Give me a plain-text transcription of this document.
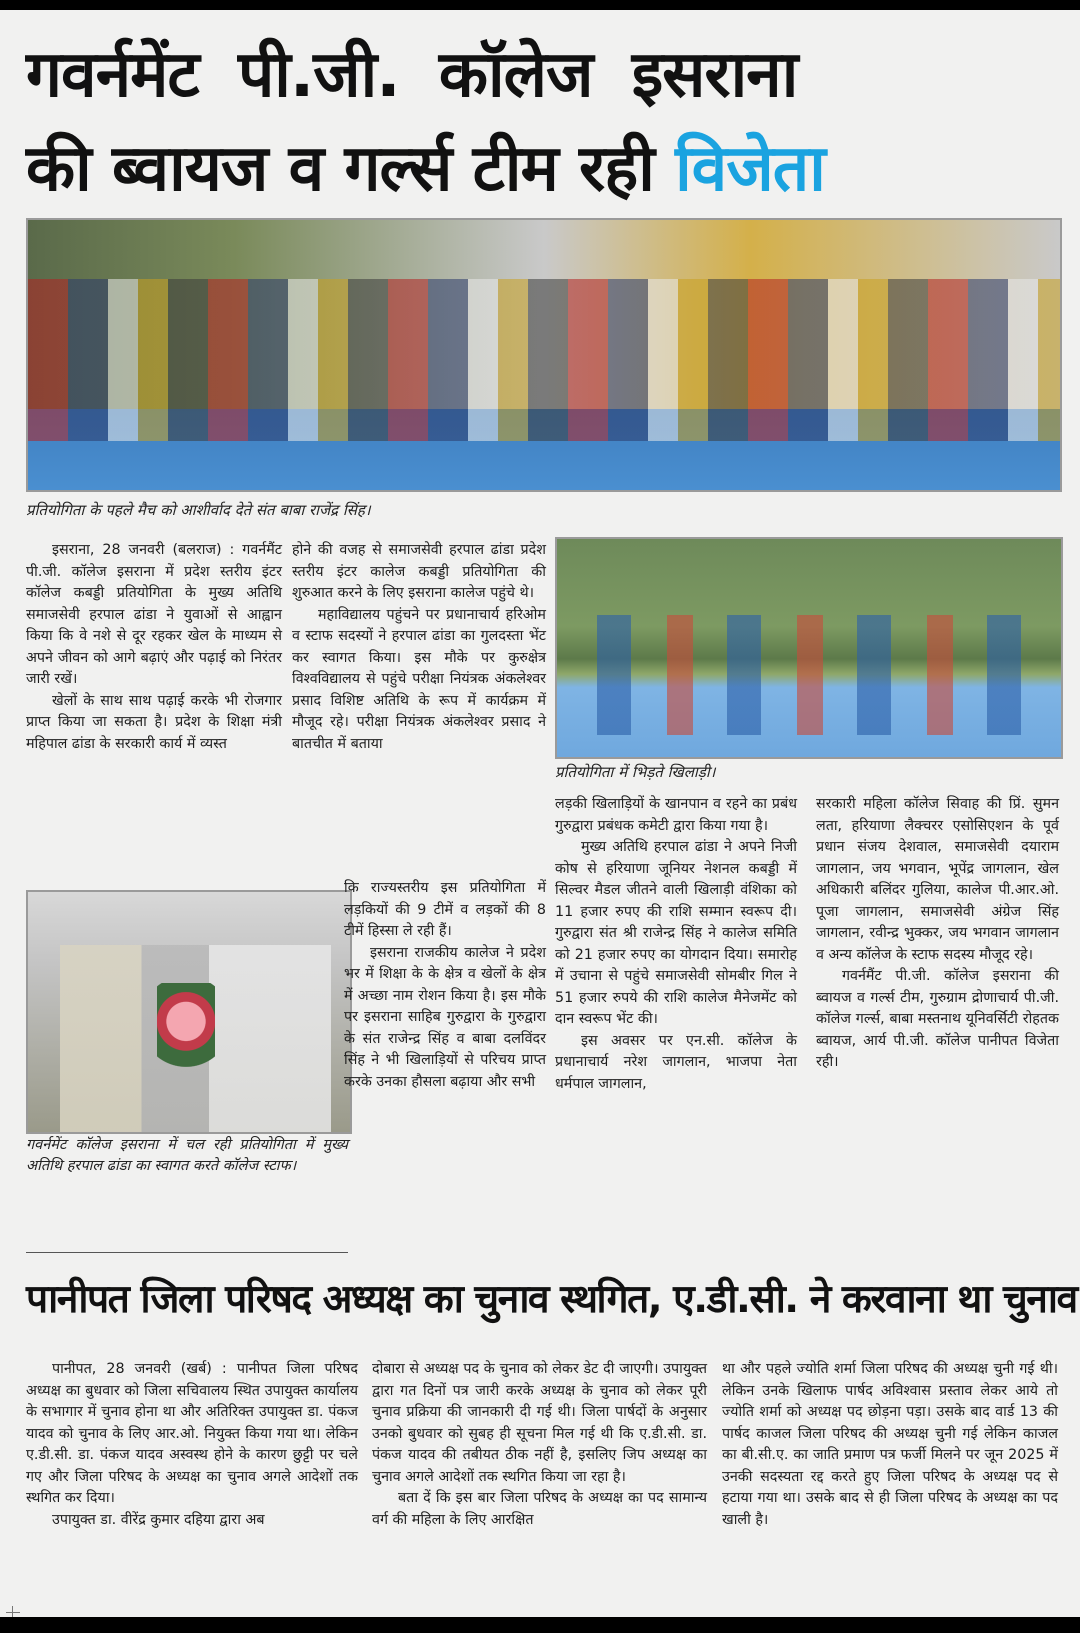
गवर्नमेंट पी.जी. कॉलेज इसराना
की ब्वायज व गर्ल्स टीम रही विजेता
प्रतियोगिता के पहले मैच को आशीर्वाद देते संत बाबा राजेंद्र सिंह।

इसराना, 28 जनवरी (बलराज) : गवर्नमैंट पी.जी. कॉलेज इसराना में प्रदेश स्तरीय इंटर कॉलेज कबड्डी प्रतियोगिता के मुख्य अतिथि समाजसेवी हरपाल ढांडा ने युवाओं से आह्वान किया कि वे नशे से दूर रहकर खेल के माध्यम से अपने जीवन को आगे बढ़ाएं और पढ़ाई को निरंतर जारी रखें।

खेलों के साथ साथ पढ़ाई करके भी रोजगार प्राप्त किया जा सकता है। प्रदेश के शिक्षा मंत्री महिपाल ढांडा के सरकारी कार्य में व्यस्त

होने की वजह से समाजसेवी हरपाल ढांडा प्रदेश स्तरीय इंटर कालेज कबड्डी प्रतियोगिता की शुरुआत करने के लिए इसराना कालेज पहुंचे थे।

महाविद्यालय पहुंचने पर प्रधानाचार्य हरिओम व स्टाफ सदस्यों ने हरपाल ढांडा का गुलदस्ता भेंट कर स्वागत किया। इस मौके पर कुरुक्षेत्र विश्वविद्यालय से पहुंचे परीक्षा नियंत्रक अंकलेश्वर प्रसाद विशिष्ट अतिथि के रूप में कार्यक्रम में मौजूद रहे। परीक्षा नियंत्रक अंकलेश्वर प्रसाद ने बातचीत में बताया

गवर्नमेंट कॉलेज इसराना में चल रही प्रतियोगिता में मुख्य अतिथि हरपाल ढांडा का स्वागत करते कॉलेज स्टाफ।

कि राज्यस्तरीय इस प्रतियोगिता में लड़कियों की 9 टीमें व लड़कों की 8 टीमें हिस्सा ले रही हैं।

इसराना राजकीय कालेज ने प्रदेश भर में शिक्षा के के क्षेत्र व खेलों के क्षेत्र में अच्छा नाम रोशन किया है। इस मौके पर इसराना साहिब गुरुद्वारा के गुरुद्वारा के संत राजेन्द्र सिंह व बाबा दलविंदर सिंह ने भी खिलाड़ियों से परिचय प्राप्त करके उनका हौसला बढ़ाया और सभी

प्रतियोगिता में भिड़ते खिलाड़ी।

लड़की खिलाड़ियों के खानपान व रहने का प्रबंध गुरुद्वारा प्रबंधक कमेटी द्वारा किया गया है।

मुख्य अतिथि हरपाल ढांडा ने अपने निजी कोष से हरियाणा जूनियर नेशनल कबड्डी में सिल्वर मैडल जीतने वाली खिलाड़ी वंशिका को 11 हजार रुपए की राशि सम्मान स्वरूप दी।गुरुद्वारा संत श्री राजेन्द्र सिंह ने कालेज समिति को 21 हजार रुपए का योगदान दिया। समारोह में उचाना से पहुंचे समाजसेवी सोमबीर गिल ने 51 हजार रुपये की राशि कालेज मैनेजमेंट को दान स्वरूप भेंट की।

इस अवसर पर एन.सी. कॉलेज के प्रधानाचार्य नरेश जागलान, भाजपा नेता धर्मपाल जागलान,

सरकारी महिला कॉलेज सिवाह की प्रिं. सुमन लता, हरियाणा लैक्चरर एसोसिएशन के पूर्व प्रधान संजय देशवाल, समाजसेवी दयाराम जागलान, जय भगवान, भूपेंद्र जागलान, खेल अधिकारी बलिंदर गुलिया, कालेज पी.आर.ओ. पूजा जागलान, समाजसेवी अंग्रेज सिंह जागलान, रवीन्द्र भुक्कर, जय भगवान जागलान व अन्य कॉलेज के स्टाफ सदस्य मौजूद रहे।

गवर्नमैंट पी.जी. कॉलेज इसराना की ब्वायज व गर्ल्स टीम, गुरुग्राम द्रोणाचार्य पी.जी. कॉलेज गर्ल्स, बाबा मस्तनाथ यूनिवर्सिटी रोहतक ब्वायज, आर्य पी.जी. कॉलेज पानीपत विजेता रही।

पानीपत जिला परिषद अध्यक्ष का चुनाव स्थगित, ए.डी.सी. ने करवाना था चुनाव

पानीपत, 28 जनवरी (खर्ब) : पानीपत जिला परिषद अध्यक्ष का बुधवार को जिला सचिवालय स्थित उपायुक्त कार्यालय के सभागार में चुनाव होना था और अतिरिक्त उपायुक्त डा. पंकज यादव को चुनाव के लिए आर.ओ. नियुक्त किया गया था। लेकिन ए.डी.सी. डा. पंकज यादव अस्वस्थ होने के कारण छुट्टी पर चले गए और जिला परिषद के अध्यक्ष का चुनाव अगले आदेशों तक स्थगित कर दिया।

उपायुक्त डा. वीरेंद्र कुमार दहिया द्वारा अब

दोबारा से अध्यक्ष पद के चुनाव को लेकर डेट दी जाएगी। उपायुक्त द्वारा गत दिनों पत्र जारी करके अध्यक्ष के चुनाव को लेकर पूरी चुनाव प्रक्रिया की जानकारी दी गई थी। जिला पार्षदों के अनुसार उनको बुधवार को सुबह ही सूचना मिल गई थी कि ए.डी.सी. डा. पंकज यादव की तबीयत ठीक नहीं है, इसलिए जिप अध्यक्ष का चुनाव अगले आदेशों तक स्थगित किया जा रहा है।

बता दें कि इस बार जिला परिषद के अध्यक्ष का पद सामान्य वर्ग की महिला के लिए आरक्षित

था और पहले ज्योति शर्मा जिला परिषद की अध्यक्ष चुनी गई थी। लेकिन उनके खिलाफ पार्षद अविश्वास प्रस्ताव लेकर आये तो ज्योति शर्मा को अध्यक्ष पद छोड़ना पड़ा। उसके बाद वार्ड 13 की पार्षद काजल जिला परिषद की अध्यक्ष चुनी गई लेकिन काजल का बी.सी.ए. का जाति प्रमाण पत्र फर्जी मिलने पर जून 2025 में उनकी सदस्यता रद्द करते हुए जिला परिषद के अध्यक्ष पद से हटाया गया था। उसके बाद से ही जिला परिषद के अध्यक्ष का पद खाली है।
